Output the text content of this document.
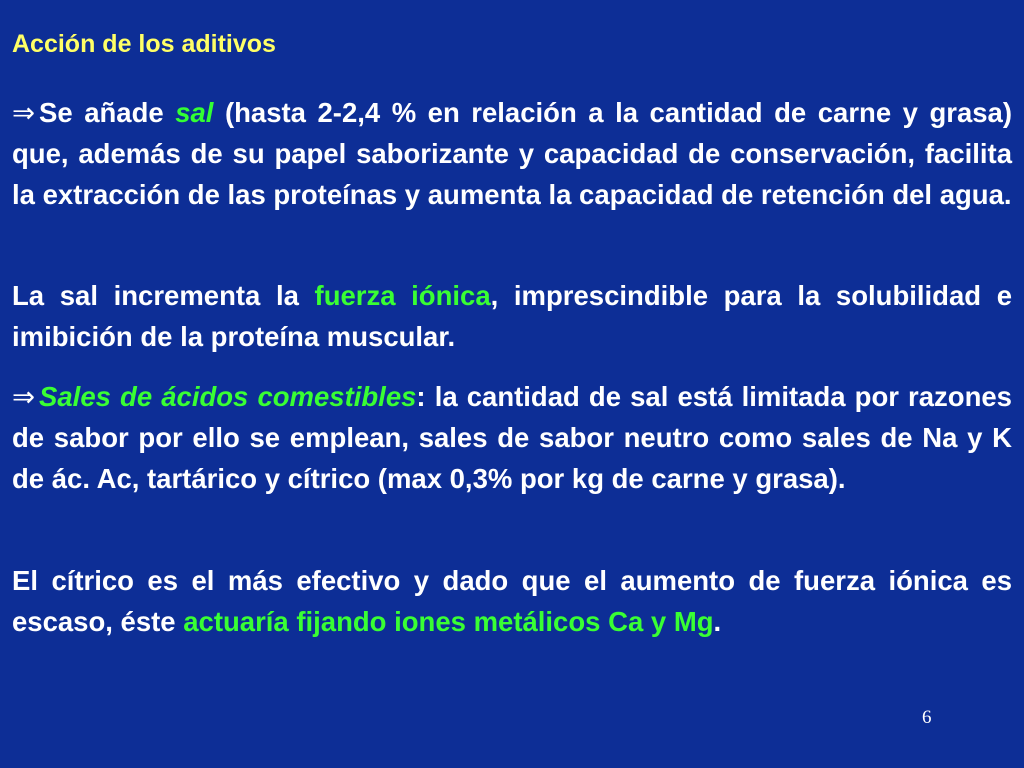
Acción de los aditivos

⇒ Se añade sal (hasta 2-2,4 % en relación a la cantidad de carne y grasa) que, además de su papel saborizante y capacidad de conservación, facilita la extracción de las proteínas y aumenta la capacidad de retención del agua.

La sal incrementa la fuerza iónica, imprescindible para la solubilidad e imibición de la proteína muscular.

⇒ Sales de ácidos comestibles: la cantidad de sal está limitada por razones de sabor por ello se emplean, sales de sabor neutro como sales de Na y K de ác. Ac, tartárico y cítrico (max 0,3% por kg de carne y grasa).

El cítrico es el más efectivo y dado que el aumento de fuerza iónica es escaso, éste actuaría fijando iones metálicos Ca y Mg.

6
